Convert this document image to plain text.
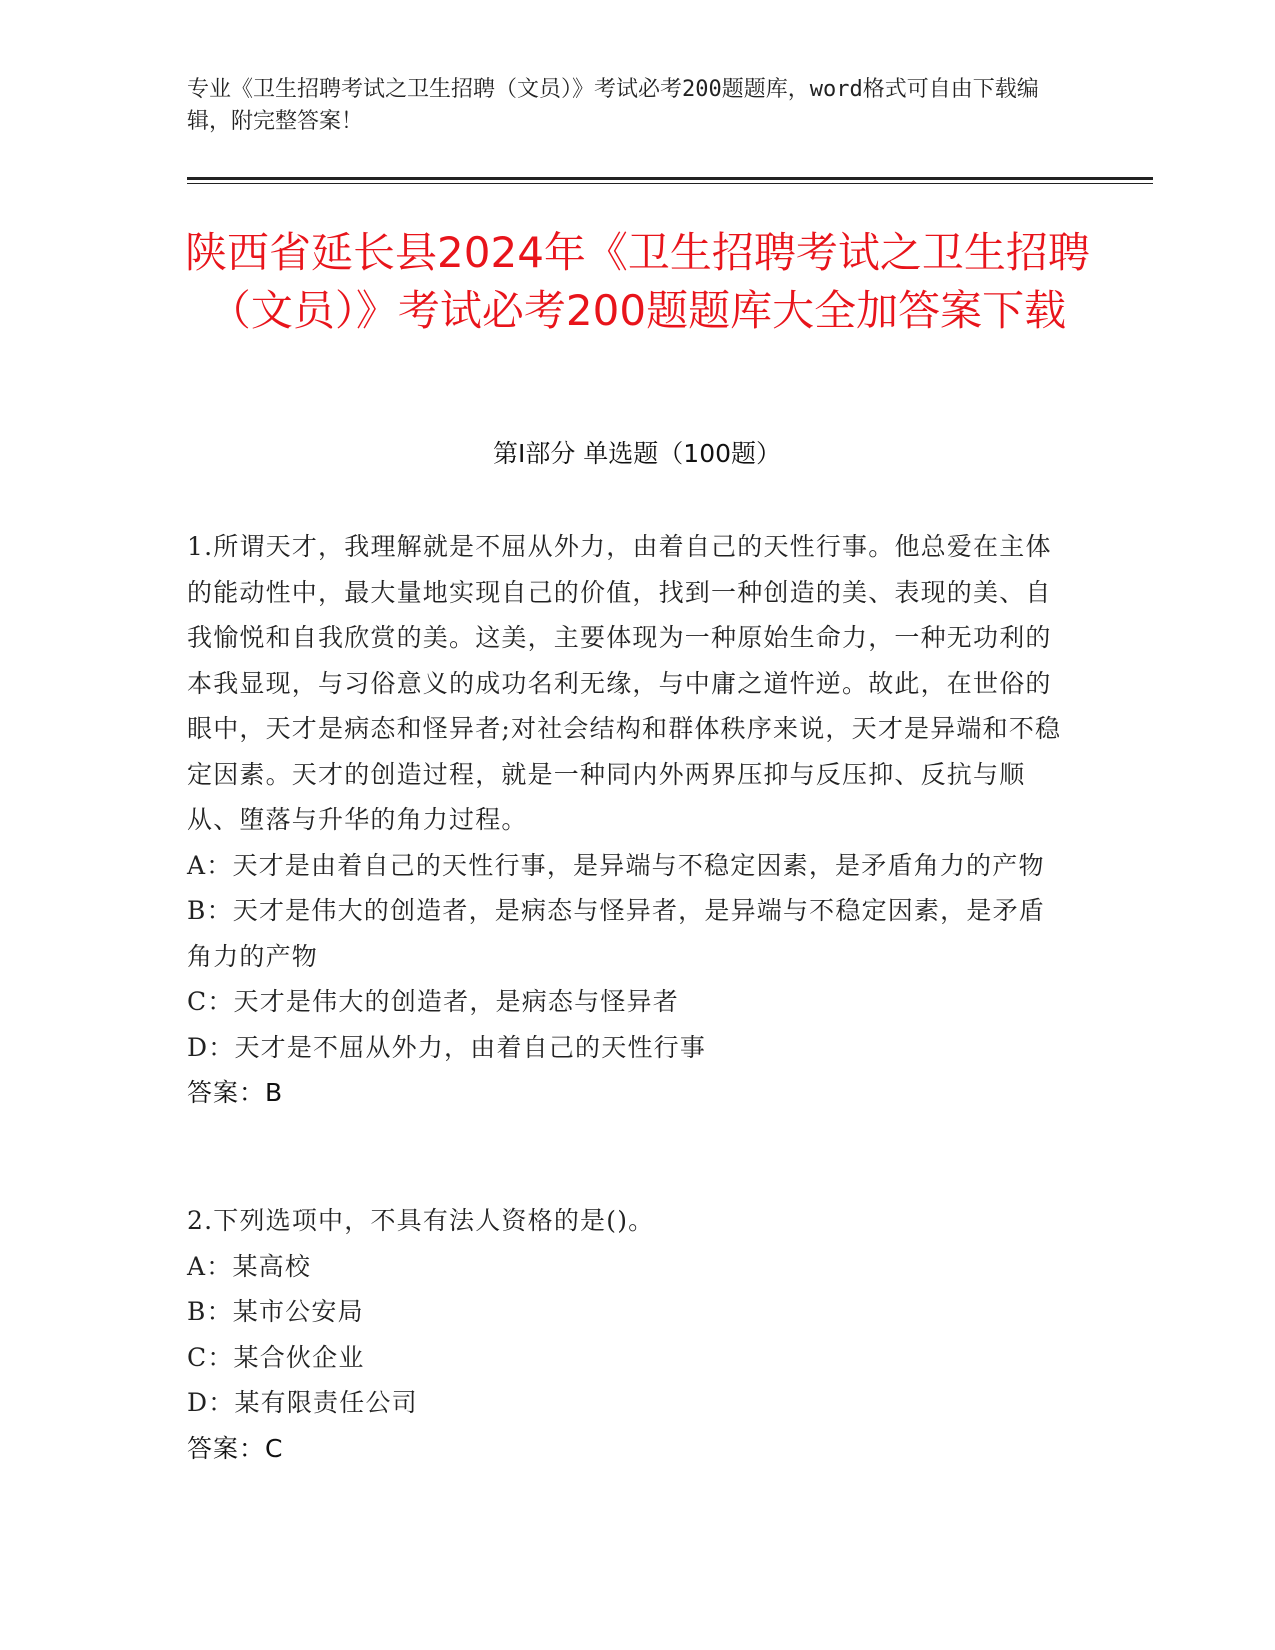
专业《卫生招聘考试之卫生招聘（文员）》考试必考200题题库，word格式可自由下载编辑，附完整答案！
陕西省延长县2024年《卫生招聘考试之卫生招聘（文员）》考试必考200题题库大全加答案下载
第I部分 单选题（100题）

1.所谓天才，我理解就是不屈从外力，由着自己的天性行事。他总爱在主体的能动性中，最大量地实现自己的价值，找到一种创造的美、表现的美、自我愉悦和自我欣赏的美。这美，主要体现为一种原始生命力，一种无功利的本我显现，与习俗意义的成功名利无缘，与中庸之道忤逆。故此，在世俗的眼中，天才是病态和怪异者;对社会结构和群体秩序来说，天才是异端和不稳定因素。天才的创造过程，就是一种同内外两界压抑与反压抑、反抗与顺从、堕落与升华的角力过程。

A：天才是由着自己的天性行事，是异端与不稳定因素，是矛盾角力的产物

B：天才是伟大的创造者，是病态与怪异者，是异端与不稳定因素，是矛盾角力的产物

C：天才是伟大的创造者，是病态与怪异者

D：天才是不屈从外力，由着自己的天性行事

答案：B

2.下列选项中，不具有法人资格的是()。

A：某高校

B：某市公安局

C：某合伙企业

D：某有限责任公司

答案：C
